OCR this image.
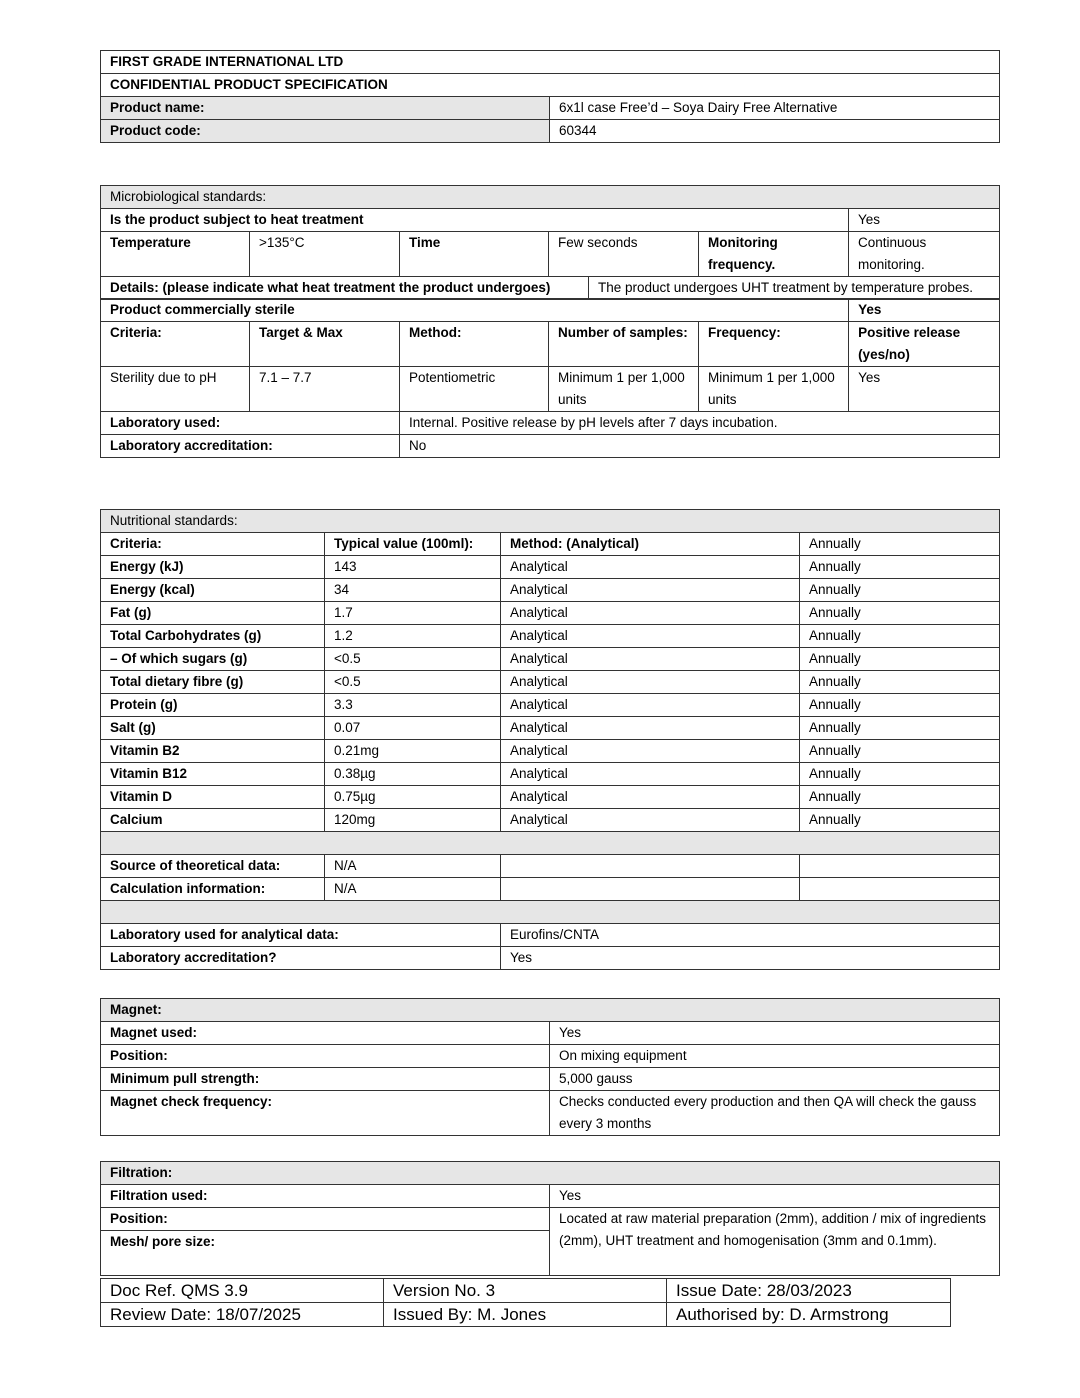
FIRST GRADE INTERNATIONAL LTD	
CONFIDENTIAL PRODUCT SPECIFICATION	
Product name:	6x1l case Free’d – Soya Dairy Free Alternative
Product code:	60344
Microbiological standards:					
Is the product subject to heat treatment					Yes
Temperature	>135°C	Time	Few seconds	Monitoring frequency.	Continuous monitoring.
Details: (please indicate what heat treatment the product undergoes)	The product undergoes UHT treatment by temperature probes.
Product commercially sterile					Yes
Criteria:	Target & Max	Method:	Number of samples:	Frequency:	Positive release (yes/no)
Sterility due to pH	7.1 – 7.7	Potentiometric	Minimum 1 per 1,000 units	Minimum 1 per 1,000 units	Yes
Laboratory used:		Internal. Positive release by pH levels after 7 days incubation.			
Laboratory accreditation:		No			
Nutritional standards:			
Criteria:	Typical value (100ml):	Method: (Analytical)	Annually
Energy (kJ)	143	Analytical	Annually
Energy (kcal)	34	Analytical	Annually
Fat (g)	1.7	Analytical	Annually
Total Carbohydrates (g)	1.2	Analytical	Annually
– Of which sugars (g)	<0.5	Analytical	Annually
Total dietary fibre (g)	<0.5	Analytical	Annually
Protein (g)	3.3	Analytical	Annually
Salt (g)	0.07	Analytical	Annually
Vitamin B2	0.21mg	Analytical	Annually
Vitamin B12	0.38µg	Analytical	Annually
Vitamin D	0.75µg	Analytical	Annually
Calcium	120mg	Analytical	Annually

Source of theoretical data:	N/A		
Calculation information:	N/A		

Laboratory used for analytical data:		Eurofins/CNTA	
Laboratory accreditation?		Yes	
Magnet:	
Magnet used:	Yes
Position:	On mixing equipment
Minimum pull strength:	5,000 gauss
Magnet check frequency:	Checks conducted every production and then QA will check the gauss every 3 months
Filtration:	
Filtration used:	Yes
Position:	Located at raw material preparation (2mm), addition / mix of ingredients (2mm), UHT treatment and homogenisation (3mm and 0.1mm).
Mesh/ pore size:	
Doc Ref. QMS 3.9	Version No. 3	Issue Date: 28/03/2023
Review Date: 18/07/2025	Issued By: M. Jones	Authorised by: D. Armstrong
